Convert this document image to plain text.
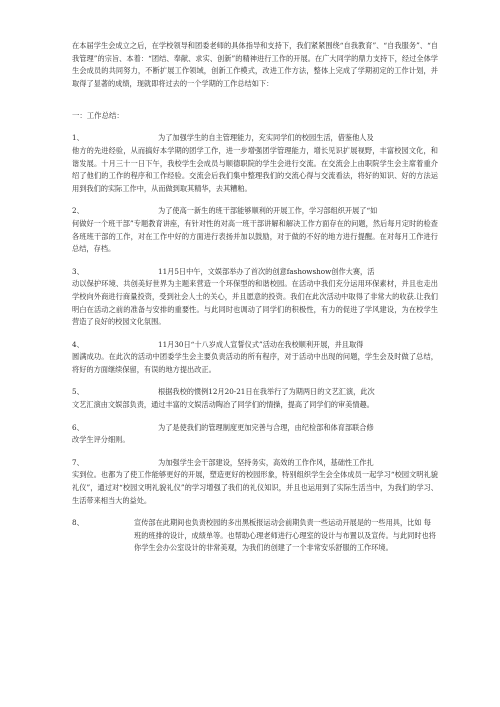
在本届学生会成立之后，在学校领导和团委老师的具体指导和支持下，我们紧紧围绕“自我教育”、“自我服务”、“自我管理”的宗旨、本着：“团结、奉献、求实、创新”的精神进行工作的开展。在广大同学的鼎力支持下，经过全体学生会成员的共同努力，不断扩展工作领域，创新工作模式，改进工作方法，整体上完成了学期初定的工作计划，并取得了显著的成绩，现就即将过去的一个学期的工作总结如下：

一：工作总结：
1、	为了加强学生的自主管理能力，充实同学们的校园生活，借鉴他人及
他方的先进经验，从而搞好本学期的团学工作，进一步增强团学管理能力，增长见识扩展视野，丰富校园文化，和谐发展。十月三十一日下午，我校学生会成员与顺德职院的学生会进行交流。在交流会上由职院学生会主席着重介绍了他们的工作的程序和工作经验。交流会后我们集中整理我们的交流心得与交流看法，将好的知识、好的方法运用到我们的实际工作中，从而做到取其精华，去其糟粕。
2、	为了使高一新生的班干部能够顺利的开展工作，学习部组织开展了“如
何做好一个班干部”专题教育讲座，有针对性的对高一班干部讲解和解决工作方面存在的问题，然后每月定时的检查各班班干部的工作，对在工作中好的方面进行表扬并加以鼓励，对于做的不好的地方进行提醒。在对每月工作进行总结，存档。
3、	11月5日中午，文娱部举办了首次的创意fashowshow创作大赛，活
动以保护环境、共创美好世界为主题来营造一个环保型的和谐校园。在活动中我们充分运用环保素材，并且也走出学校向外商进行商量投资，受到社会人士的关心，并且愿意的投资。我们在此次活动中取得了非常大的收获.让我们明白在活动之前的准备与安排的重要性。与此同时也调动了同学们的积极性，有力的促进了学风建设，为在校学生营造了良好的校园文化氛围。
4、	11月30日“十八岁成人宣誓仪式”活动在我校顺利开展，并且取得
圆满成功。在此次的活动中团委学生会主要负责活动的所有程序，对于活动中出现的问题，学生会及时做了总结，将好的方面继续保留，有误的地方提出改正。
5、	根据我校的惯例12月20-21日在我举行了为期两日的文艺汇演，此次
文艺汇演由文娱部负责，通过丰富的文娱活动陶冶了同学们的情操，提高了同学们的审美情趣。
6、	为了是使我们的管理制度更加完善与合理，由纪检部和体育部联合修
改学生评分细则。
7、	为加强学生会干部建设，坚持务实，高效的工作作风，基础性工作扎
实到位。也都为了使工作能够更好的开展，塑造更好的校园形象，特别组织学生会全体成员一起学习“校园文明礼貌礼仪”，通过对“校园文明礼貌礼仪”的学习增强了我们的礼仪知识，并且也运用到了实际生活当中，为我们的学习、生活带来相当大的益处。
8、	宣传部在此期间也负责校园的多出黑板报运动会前期负责一些运动开展是的一些用具，比如 每班的班排的设计，成绩单等。也帮助心理老师进行心理室的设计与布置以及宣传。与此同时也将你学生会办公室设计的非常美观，为我们的创建了一个非常安乐舒服的工作环境。
